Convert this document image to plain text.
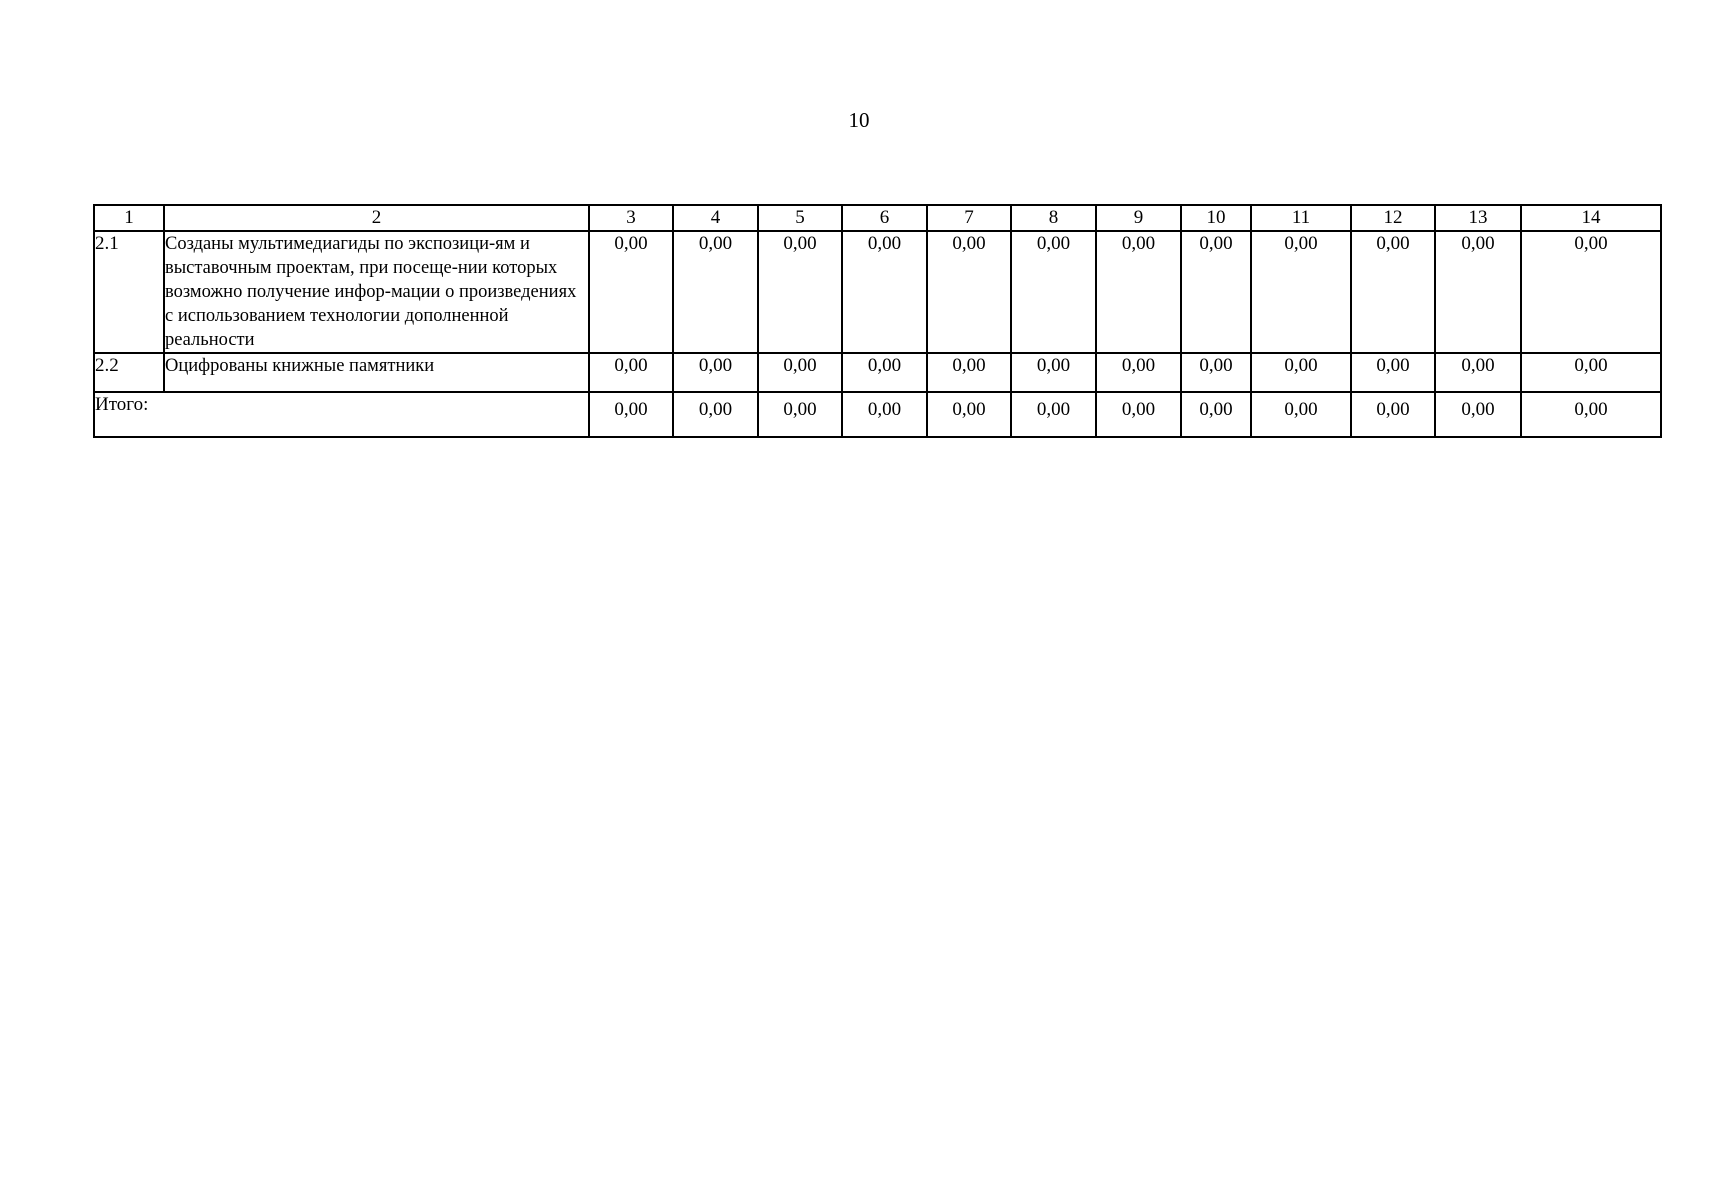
10
1	2	3	4	5	6	7	8	9	10	11	12	13	14
2.1	Созданы мультимедиагиды по экспозици-ям и выставочным проектам, при посеще-нии которых возможно получение инфор-мации о произведениях с использованием технологии дополненной реальности	0,00	0,00	0,00	0,00	0,00	0,00	0,00	0,00	0,00	0,00	0,00	0,00
2.2	Оцифрованы книжные памятники	0,00	0,00	0,00	0,00	0,00	0,00	0,00	0,00	0,00	0,00	0,00	0,00
Итого:		0,00	0,00	0,00	0,00	0,00	0,00	0,00	0,00	0,00	0,00	0,00	0,00
